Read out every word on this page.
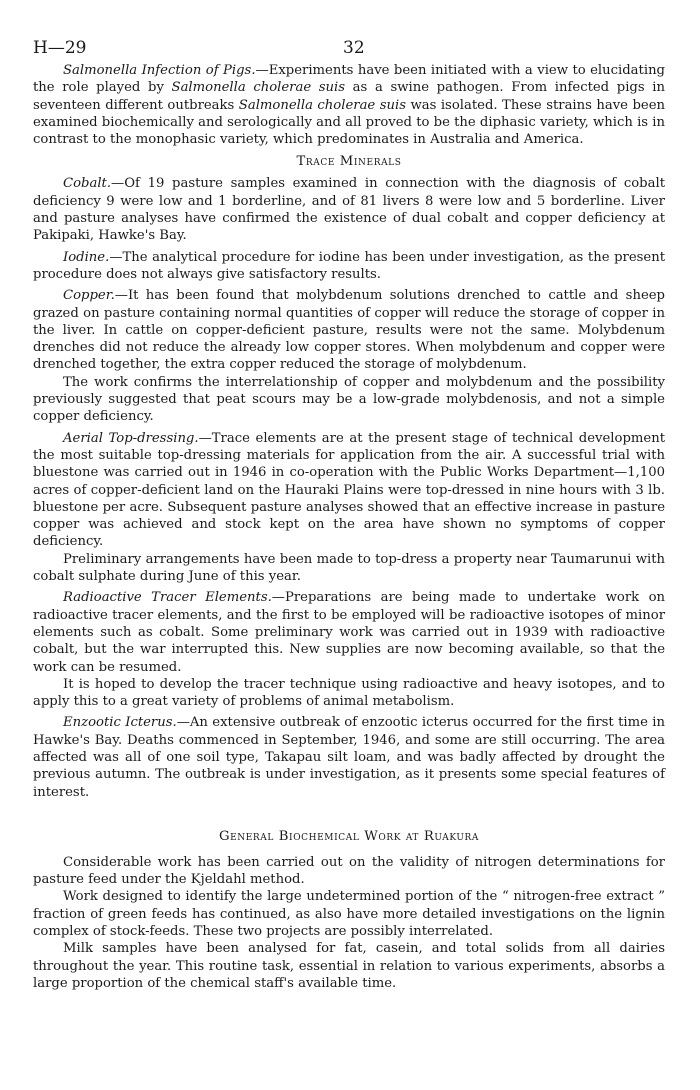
H—29	32

Salmonella Infection of Pigs.—Experiments have been initiated with a view to elucidating the role played by Salmonella cholerae suis as a swine pathogen. From infected pigs in seventeen different outbreaks Salmonella cholerae suis was isolated. These strains have been examined biochemically and serologically and all proved to be the diphasic variety, which is in contrast to the monophasic variety, which predominates in Australia and America.

Trace Minerals

Cobalt.—Of 19 pasture samples examined in connection with the diagnosis of cobalt deficiency 9 were low and 1 borderline, and of 81 livers 8 were low and 5 borderline. Liver and pasture analyses have confirmed the existence of dual cobalt and copper deficiency at Pakipaki, Hawke's Bay.

Iodine.—The analytical procedure for iodine has been under investigation, as the present procedure does not always give satisfactory results.

Copper.—It has been found that molybdenum solutions drenched to cattle and sheep grazed on pasture containing normal quantities of copper will reduce the storage of copper in the liver. In cattle on copper-deficient pasture, results were not the same. Molybdenum drenches did not reduce the already low copper stores. When molybdenum and copper were drenched together, the extra copper reduced the storage of molybdenum.

The work confirms the interrelationship of copper and molybdenum and the possibility previously suggested that peat scours may be a low-grade molybdenosis, and not a simple copper deficiency.

Aerial Top-dressing.—Trace elements are at the present stage of technical development the most suitable top-dressing materials for application from the air. A successful trial with bluestone was carried out in 1946 in co-operation with the Public Works Department—1,100 acres of copper-deficient land on the Hauraki Plains were top-dressed in nine hours with 3 lb. bluestone per acre. Subsequent pasture analyses showed that an effective increase in pasture copper was achieved and stock kept on the area have shown no symptoms of copper deficiency.

Preliminary arrangements have been made to top-dress a property near Taumarunui with cobalt sulphate during June of this year.

Radioactive Tracer Elements.—Preparations are being made to undertake work on radioactive tracer elements, and the first to be employed will be radioactive isotopes of minor elements such as cobalt. Some preliminary work was carried out in 1939 with radioactive cobalt, but the war interrupted this. New supplies are now becoming available, so that the work can be resumed.

It is hoped to develop the tracer technique using radioactive and heavy isotopes, and to apply this to a great variety of problems of animal metabolism.

Enzootic Icterus.—An extensive outbreak of enzootic icterus occurred for the first time in Hawke's Bay. Deaths commenced in September, 1946, and some are still occurring. The area affected was all of one soil type, Takapau silt loam, and was badly affected by drought the previous autumn. The outbreak is under investigation, as it presents some special features of interest.

General Biochemical Work at Ruakura

Considerable work has been carried out on the validity of nitrogen determinations for pasture feed under the Kjeldahl method.

Work designed to identify the large undetermined portion of the “ nitrogen-free extract ” fraction of green feeds has continued, as also have more detailed investigations on the lignin complex of stock-feeds. These two projects are possibly interrelated.

Milk samples have been analysed for fat, casein, and total solids from all dairies throughout the year. This routine task, essential in relation to various experiments, absorbs a large proportion of the chemical staff's available time.
